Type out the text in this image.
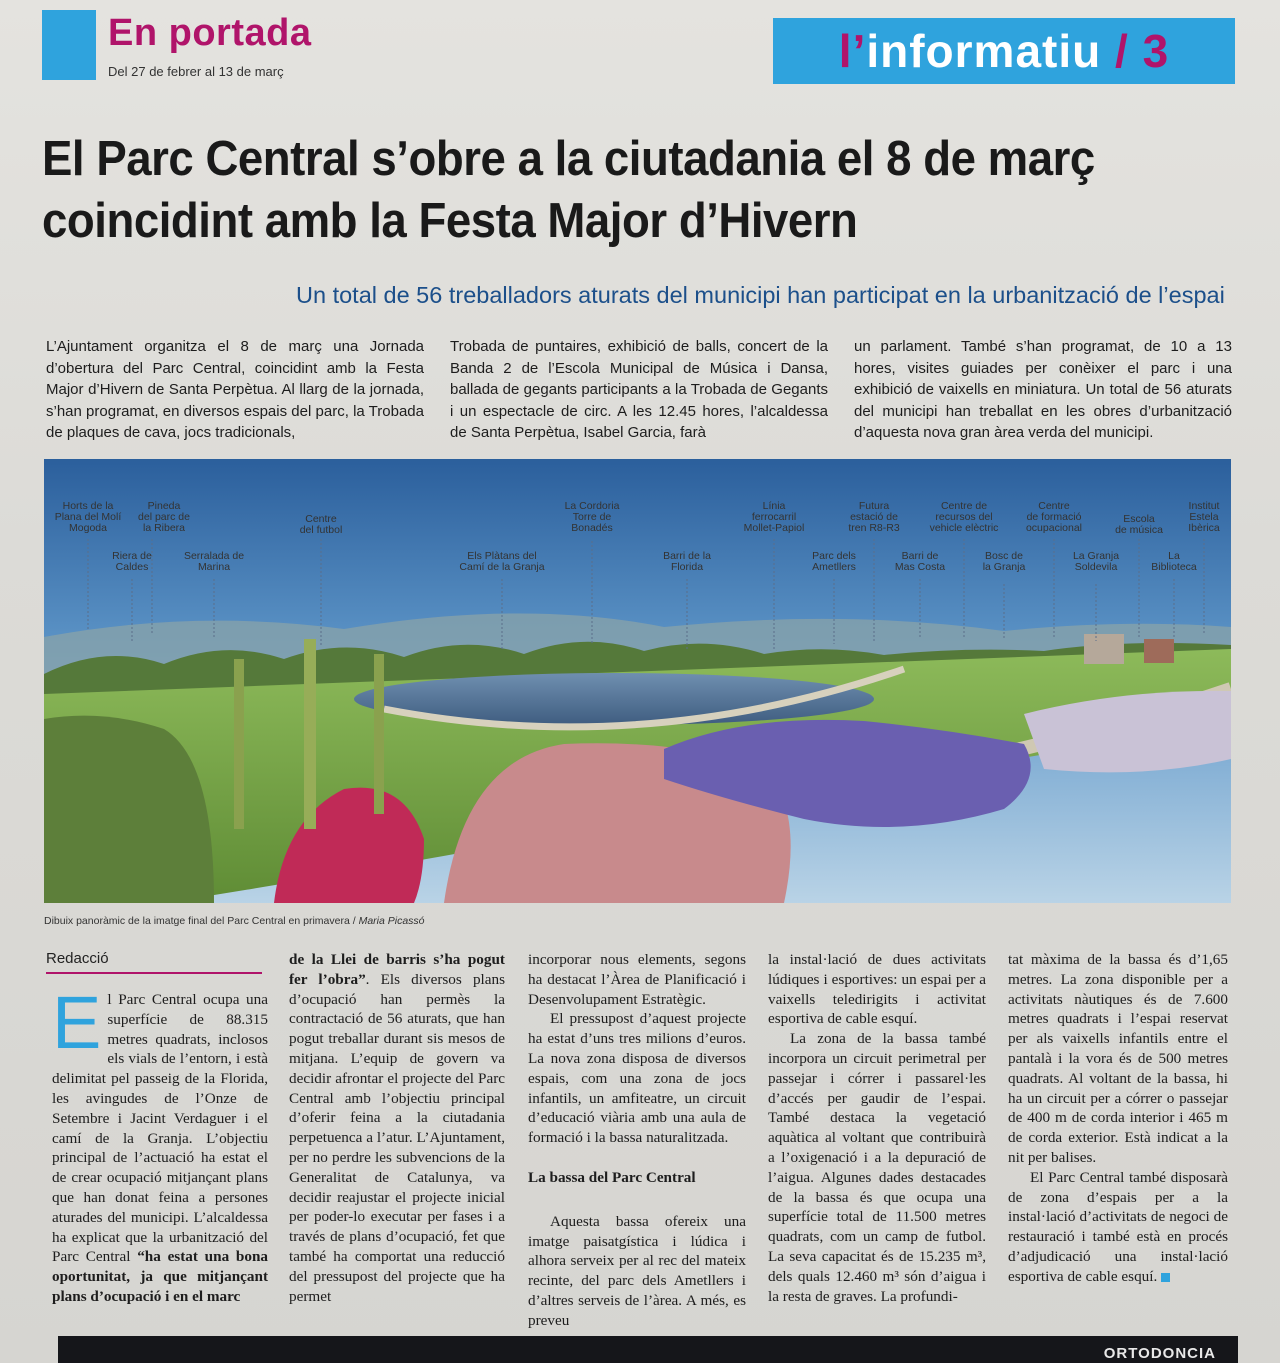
En portada
Del 27 de febrer al 13 de març	l’informatiu / 3
El Parc Central s’obre a la ciutadania el 8 de març coincidint amb la Festa Major d’Hivern
Un total de 56 treballadors aturats del municipi han participat en la urbanització de l’espai
L’Ajuntament organitza el 8 de març una Jornada d’obertura del Parc Central, coincidint amb la Festa Major d’Hivern de Santa Perpètua. Al llarg de la jornada, s’han programat, en diversos espais del parc, la Trobada de plaques de cava, jocs tradicionals,
Trobada de puntaires, exhibició de balls, concert de la Banda 2 de l’Escola Municipal de Música i Dansa, ballada de gegants participants a la Trobada de Gegants i un espectacle de circ. A les 12.45 hores, l’alcaldessa de Santa Perpètua, Isabel Garcia, farà
un parlament. També s’han programat, de 10 a 13 hores, visites guiades per conèixer el parc i una exhibició de vaixells en miniatura. Un total de 56 aturats del municipi han treballat en les obres d’urbanització d’aquesta nova gran àrea verda del municipi.
Horts de la
Plana del Molí
Mogoda
Pineda
del parc de
la Ribera
Riera de
Caldes
Serralada de
Marina
Centre
del futbol
Els Plàtans del
Camí de la Granja
La Cordoria
Torre de
Bonadés
Barri de la
Florida
Línia
ferrocarril
Mollet-Papiol
Parc dels
Ametllers
Futura
estació de
tren R8-R3
Barri de
Mas Costa
Centre de
recursos del
vehicle elèctric
Bosc de
la Granja
Centre
de formació
ocupacional
La Granja
Soldevila
Escola
de música
La
Biblioteca
Institut
Estela
Ibèrica
Dibuix panoràmic de la imatge final del Parc Central en primavera / Maria Picassó
Redacció

El Parc Central ocupa una superfície de 88.315 metres quadrats, inclosos els vials de l’entorn, i està delimitat pel passeig de la Florida, les avingudes de l’Onze de Setembre i Jacint Verdaguer i el camí de la Granja. L’objectiu principal de l’actuació ha estat el de crear ocupació mitjançant plans que han donat feina a persones aturades del municipi. L’alcaldessa ha explicat que la urbanització del Parc Central “ha estat una bona oportunitat, ja que mitjançant plans d’ocupació i en el marc

de la Llei de barris s’ha pogut fer l’obra”. Els diversos plans d’ocupació han permès la contractació de 56 aturats, que han pogut treballar durant sis mesos de mitjana. L’equip de govern va decidir afrontar el projecte del Parc Central amb l’objectiu principal d’oferir feina a la ciutadania perpetuenca a l’atur. L’Ajuntament, per no perdre les subvencions de la Generalitat de Catalunya, va decidir reajustar el projecte inicial per poder-lo executar per fases i a través de plans d’ocupació, fet que també ha comportat una reducció del pressupost del projecte que ha permet

incorporar nous elements, segons ha destacat l’Àrea de Planificació i Desenvolupament Estratègic.

El pressupost d’aquest projecte ha estat d’uns tres milions d’euros. La nova zona disposa de diversos espais, com una zona de jocs infantils, un amfiteatre, un circuit d’educació viària amb una aula de formació i la bassa naturalitzada.

La bassa del Parc Central

Aquesta bassa ofereix una imatge paisatgística i lúdica i alhora serveix per al rec del mateix recinte, del parc dels Ametllers i d’altres serveis de l’àrea. A més, es preveu

la instal·lació de dues activitats lúdiques i esportives: un espai per a vaixells teledirigits i activitat esportiva de cable esquí.

La zona de la bassa també incorpora un circuit perimetral per passejar i córrer i passarel·les d’accés per gaudir de l’espai. També destaca la vegetació aquàtica al voltant que contribuirà a l’oxigenació i a la depuració de l’aigua. Algunes dades destacades de la bassa és que ocupa una superfície total de 11.500 metres quadrats, com un camp de futbol. La seva capacitat és de 15.235 m³, dels quals 12.460 m³ són d’aigua i la resta de graves. La profundi-

tat màxima de la bassa és d’1,65 metres. La zona disponible per a activitats nàutiques és de 7.600 metres quadrats i l’espai reservat per als vaixells infantils entre el pantalà i la vora és de 500 metres quadrats. Al voltant de la bassa, hi ha un circuit per a córrer o passejar de 400 m de corda interior i 465 m de corda exterior. Està indicat a la nit per balises.

El Parc Central també disposarà de zona d’espais per a la instal·lació d’activitats de negoci de restauració i també està en procés d’adjudicació una instal·lació esportiva de cable esquí.

ORTODONCIA
